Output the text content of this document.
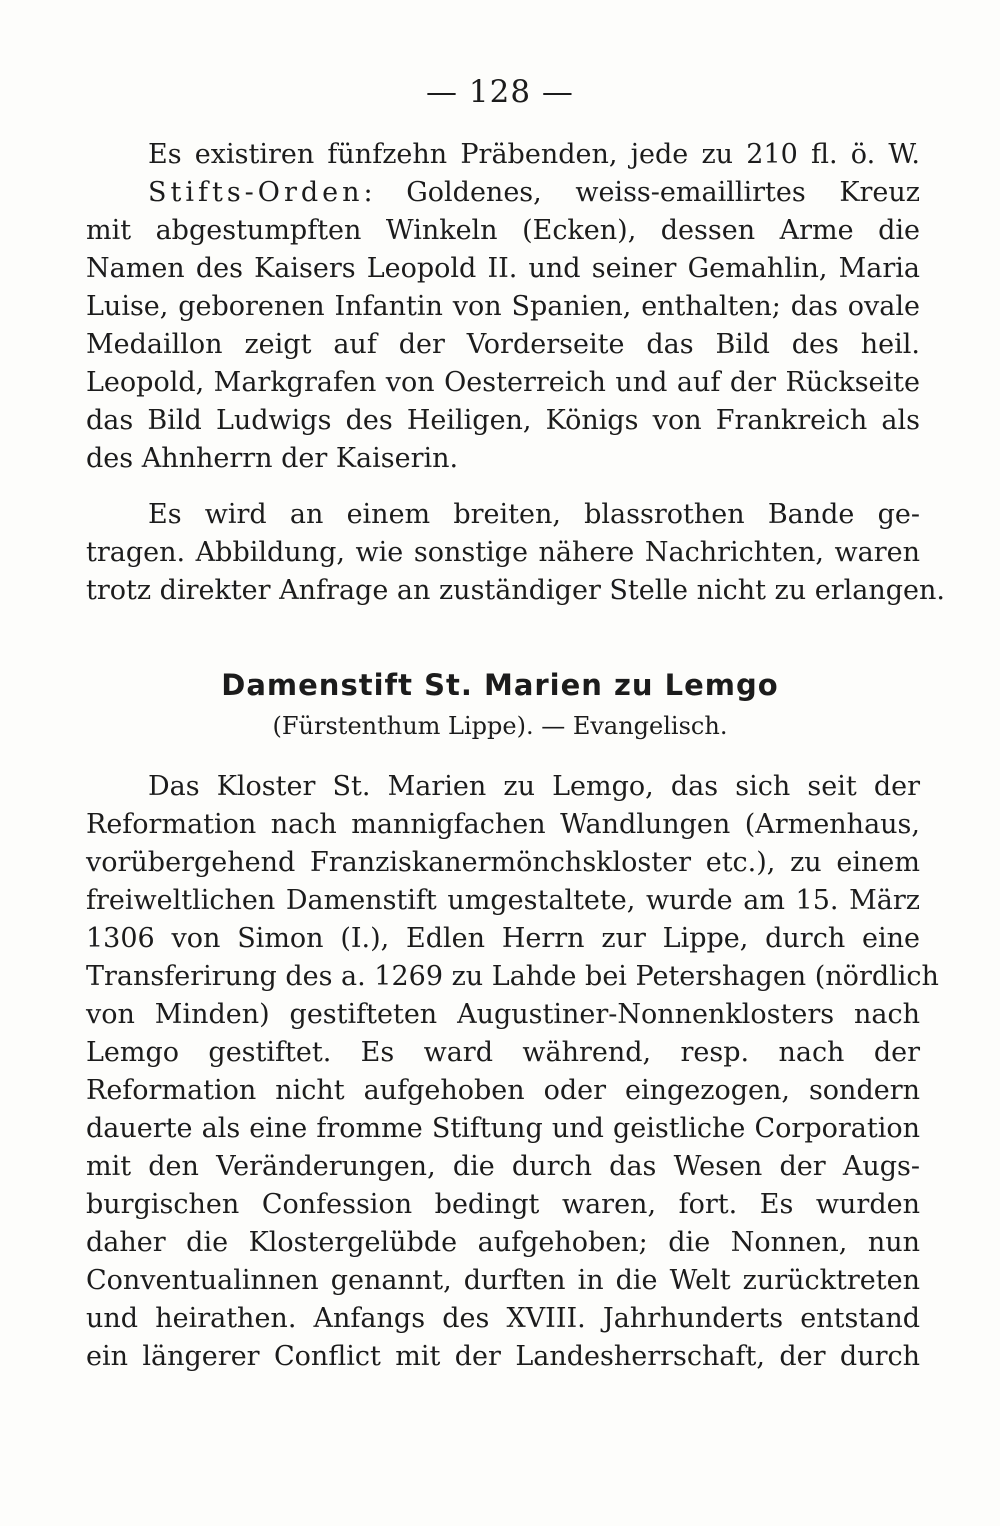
— 128 —
Es existiren fünfzehn Präbenden, jede zu 210 fl. ö. W.
Stifts-Orden: Goldenes, weiss-emaillirtes Kreuz
mit abgestumpften Winkeln (Ecken), dessen Arme die
Namen des Kaisers Leopold II. und seiner Gemahlin, Maria
Luise, geborenen Infantin von Spanien, enthalten; das ovale
Medaillon zeigt auf der Vorderseite das Bild des heil.
Leopold, Markgrafen von Oesterreich und auf der Rückseite
das Bild Ludwigs des Heiligen, Königs von Frankreich als
des Ahnherrn der Kaiserin.
Es wird an einem breiten, blassrothen Bande ge-
tragen. Abbildung, wie sonstige nähere Nachrichten, waren
trotz direkter Anfrage an zuständiger Stelle nicht zu erlangen.
Damenstift St. Marien zu Lemgo
(Fürstenthum Lippe). — Evangelisch.
Das Kloster St. Marien zu Lemgo, das sich seit der
Reformation nach mannigfachen Wandlungen (Armenhaus,
vorübergehend Franziskanermönchskloster etc.), zu einem
freiweltlichen Damenstift umgestaltete, wurde am 15. März
1306 von Simon (I.), Edlen Herrn zur Lippe, durch eine
Transferirung des a. 1269 zu Lahde bei Petershagen (nördlich
von Minden) gestifteten Augustiner-Nonnenklosters nach
Lemgo gestiftet. Es ward während, resp. nach der
Reformation nicht aufgehoben oder eingezogen, sondern
dauerte als eine fromme Stiftung und geistliche Corporation
mit den Veränderungen, die durch das Wesen der Augs-
burgischen Confession bedingt waren, fort. Es wurden
daher die Klostergelübde aufgehoben; die Nonnen, nun
Conventualinnen genannt, durften in die Welt zurücktreten
und heirathen. Anfangs des XVIII. Jahrhunderts entstand
ein längerer Conflict mit der Landesherrschaft, der durch
